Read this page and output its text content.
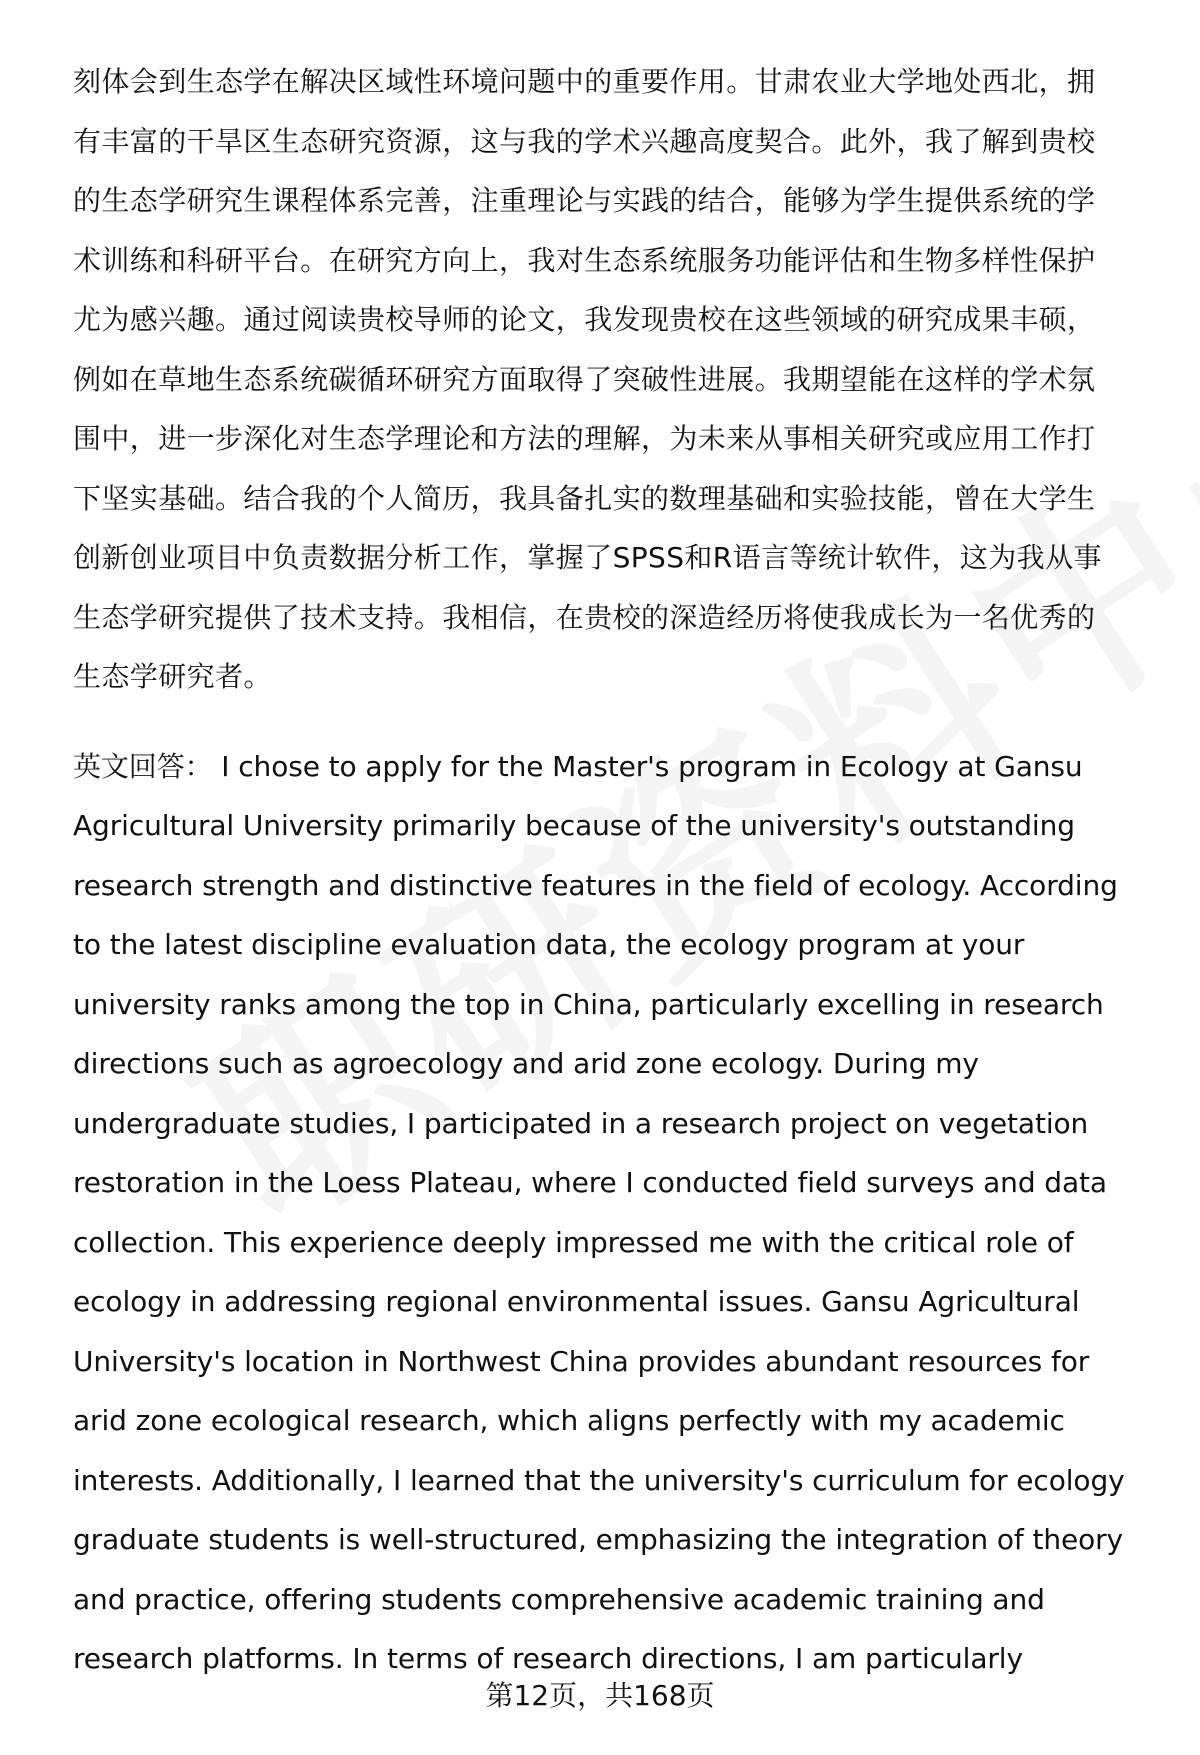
刻体会到生态学在解决区域性环境问题中的重要作用。甘肃农业大学地处西北，拥
有丰富的干旱区生态研究资源，这与我的学术兴趣高度契合。此外，我了解到贵校
的生态学研究生课程体系完善，注重理论与实践的结合，能够为学生提供系统的学
术训练和科研平台。在研究方向上，我对生态系统服务功能评估和生物多样性保护
尤为感兴趣。通过阅读贵校导师的论文，我发现贵校在这些领域的研究成果丰硕，
例如在草地生态系统碳循环研究方面取得了突破性进展。我期望能在这样的学术氛
围中，进一步深化对生态学理论和方法的理解，为未来从事相关研究或应用工作打
下坚实基础。结合我的个人简历，我具备扎实的数理基础和实验技能，曾在大学生
创新创业项目中负责数据分析工作，掌握了SPSS和R语言等统计软件，这为我从事
生态学研究提供了技术支持。我相信，在贵校的深造经历将使我成长为一名优秀的
生态学研究者。
英文回答： I chose to apply for the Master's program in Ecology at Gansu
Agricultural University primarily because of the university's outstanding
research strength and distinctive features in the field of ecology. According
to the latest discipline evaluation data, the ecology program at your
university ranks among the top in China, particularly excelling in research
directions such as agroecology and arid zone ecology. During my
undergraduate studies, I participated in a research project on vegetation
restoration in the Loess Plateau, where I conducted field surveys and data
collection. This experience deeply impressed me with the critical role of
ecology in addressing regional environmental issues. Gansu Agricultural
University's location in Northwest China provides abundant resources for
arid zone ecological research, which aligns perfectly with my academic
interests. Additionally, I learned that the university's curriculum for ecology
graduate students is well-structured, emphasizing the integration of theory
and practice, offering students comprehensive academic training and
research platforms. In terms of research directions, I am particularly
第12页，共168页
